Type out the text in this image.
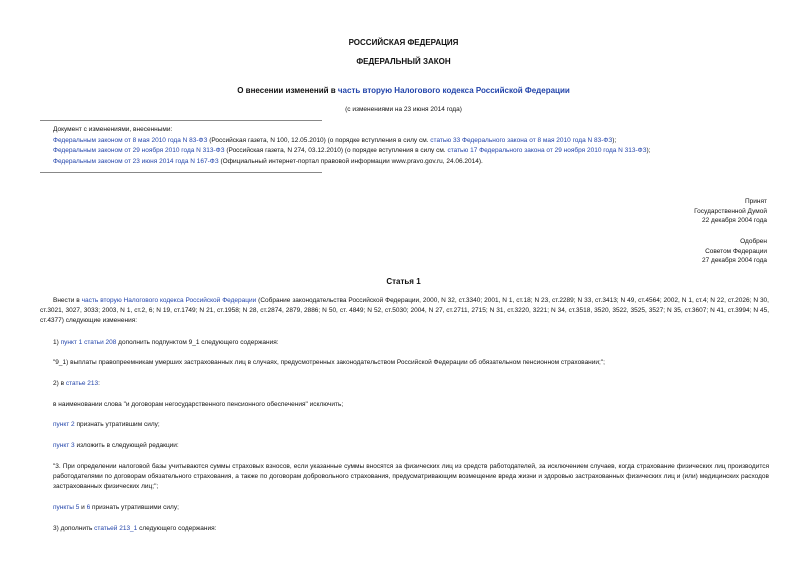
РОССИЙСКАЯ ФЕДЕРАЦИЯ
ФЕДЕРАЛЬНЫЙ ЗАКОН
О внесении изменений в часть вторую Налогового кодекса Российской Федерации
(с изменениями на 23 июня 2014 года)
Документ с изменениями, внесенными:
Федеральным законом от 8 мая 2010 года N 83-ФЗ (Российская газета, N 100, 12.05.2010) (о порядке вступления в силу см. статью 33 Федерального закона от 8 мая 2010 года N 83-ФЗ);
Федеральным законом от 29 ноября 2010 года N 313-ФЗ (Российская газета, N 274, 03.12.2010) (о порядке вступления в силу см. статью 17 Федерального закона от 29 ноября 2010 года N 313-ФЗ);
Федеральным законом от 23 июня 2014 года N 167-ФЗ (Официальный интернет-портал правовой информации www.pravo.gov.ru, 24.06.2014).
Принят
Государственной Думой
22 декабря 2004 года
Одобрен
Советом Федерации
27 декабря 2004 года
Статья 1
Внести в часть вторую Налогового кодекса Российской Федерации (Собрание законодательства Российской Федерации, 2000, N 32, ст.3340; 2001, N 1, ст.18; N 23, ст.2289; N 33, ст.3413; N 49, ст.4564; 2002, N 1, ст.4; N 22, ст.2026; N 30, ст.3021, 3027, 3033; 2003, N 1, ст.2, 6; N 19, ст.1749; N 21, ст.1958; N 28, ст.2874, 2879, 2886; N 50, ст. 4849; N 52, ст.5030; 2004, N 27, ст.2711, 2715; N 31, ст.3220, 3221; N 34, ст.3518, 3520, 3522, 3525, 3527; N 35, ст.3607; N 41, ст.3994; N 45, ст.4377) следующие изменения:
1) пункт 1 статьи 208 дополнить подпунктом 9_1 следующего содержания:
"9_1) выплаты правопреемникам умерших застрахованных лиц в случаях, предусмотренных законодательством Российской Федерации об обязательном пенсионном страховании;";
2) в статье 213:
в наименовании слова "и договорам негосударственного пенсионного обеспечения" исключить;
пункт 2 признать утратившим силу;
пункт 3 изложить в следующей редакции:
"3. При определении налоговой базы учитываются суммы страховых взносов, если указанные суммы вносятся за физических лиц из средств работодателей, за исключением случаев, когда страхование физических лиц производится работодателями по договорам обязательного страхования, а также по договорам добровольного страхования, предусматривающим возмещение вреда жизни и здоровью застрахованных физических лиц и (или) медицинских расходов застрахованных физических лиц;";
пункты 5 и 6 признать утратившими силу;
3) дополнить статьей 213_1 следующего содержания:
